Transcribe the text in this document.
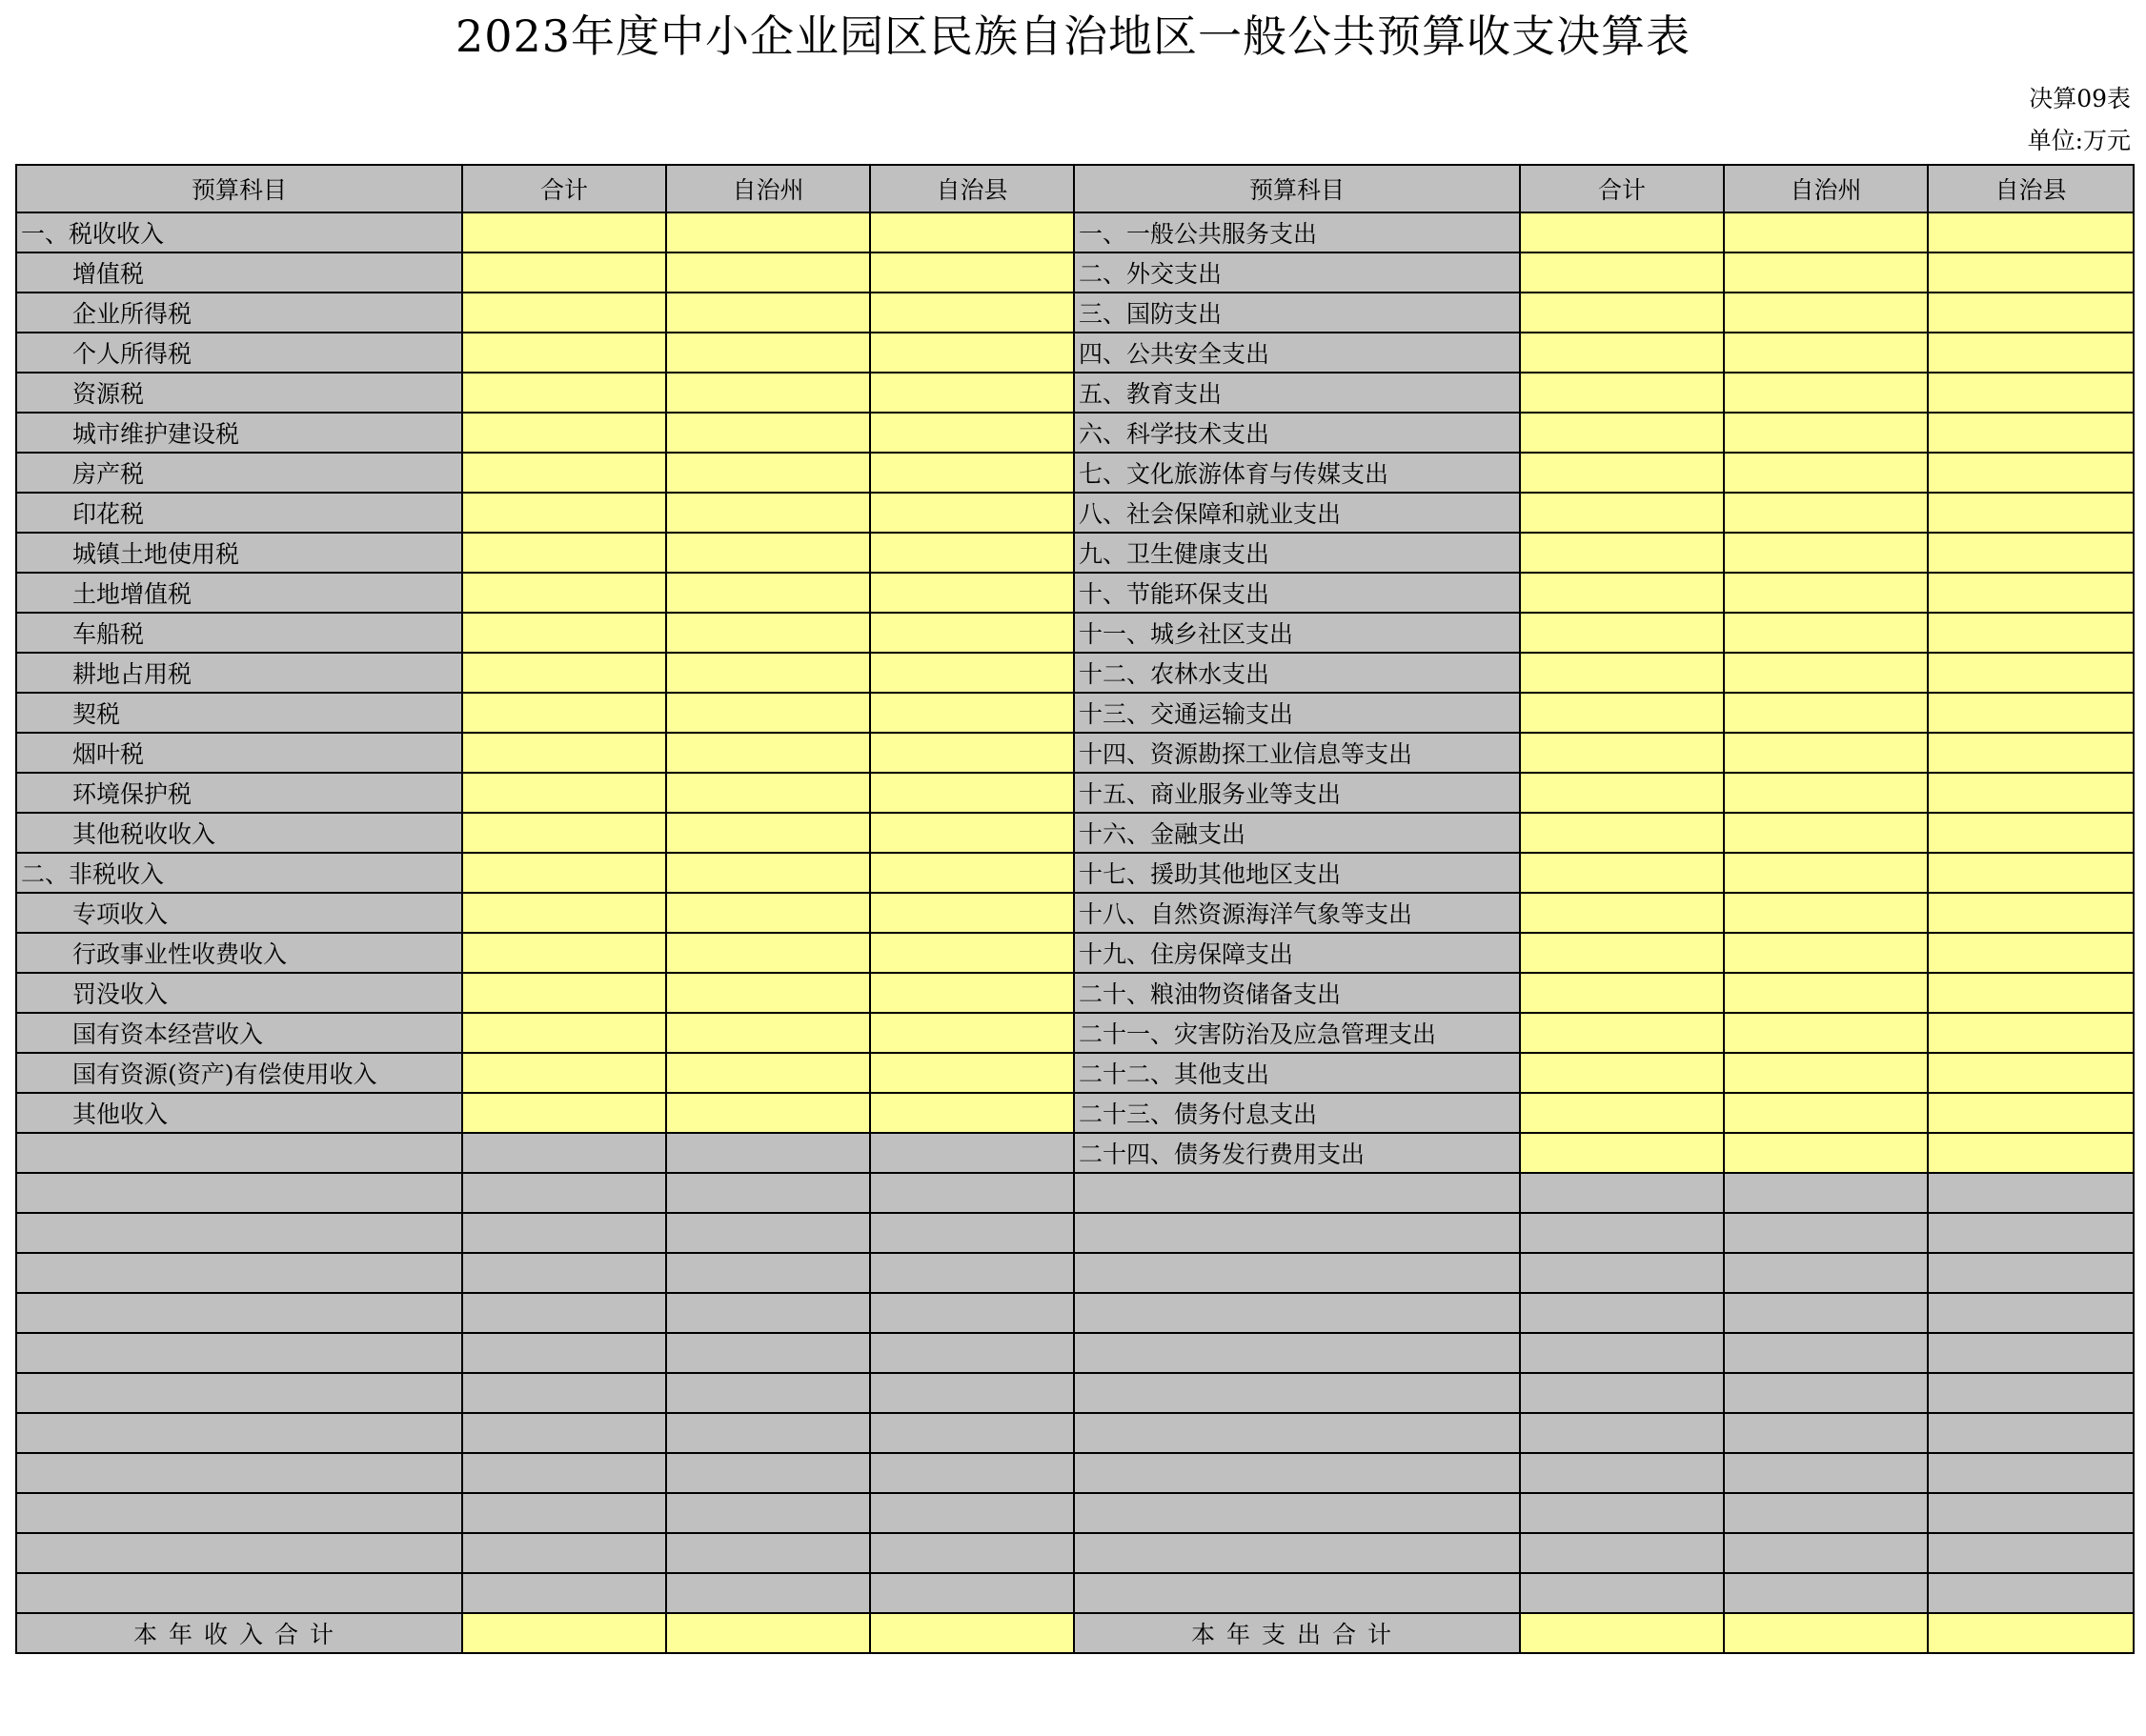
2023年度中小企业园区民族自治地区一般公共预算收支决算表
决算09表
单位:万元
预算科目	合计	自治州	自治县	预算科目	合计	自治州	自治县
一、税收收入				一、一般公共服务支出			
增值税				二、外交支出			
企业所得税				三、国防支出			
个人所得税				四、公共安全支出			
资源税				五、教育支出			
城市维护建设税				六、科学技术支出			
房产税				七、文化旅游体育与传媒支出			
印花税				八、社会保障和就业支出			
城镇土地使用税				九、卫生健康支出			
土地增值税				十、节能环保支出			
车船税				十一、城乡社区支出			
耕地占用税				十二、农林水支出			
契税				十三、交通运输支出			
烟叶税				十四、资源勘探工业信息等支出			
环境保护税				十五、商业服务业等支出			
其他税收收入				十六、金融支出			
二、非税收入				十七、援助其他地区支出			
专项收入				十八、自然资源海洋气象等支出			
行政事业性收费收入				十九、住房保障支出			
罚没收入				二十、粮油物资储备支出			
国有资本经营收入				二十一、灾害防治及应急管理支出			
国有资源(资产)有偿使用收入				二十二、其他支出			
其他收入				二十三、债务付息支出			
				二十四、债务发行费用支出			

本年收入合计				本年支出合计			
